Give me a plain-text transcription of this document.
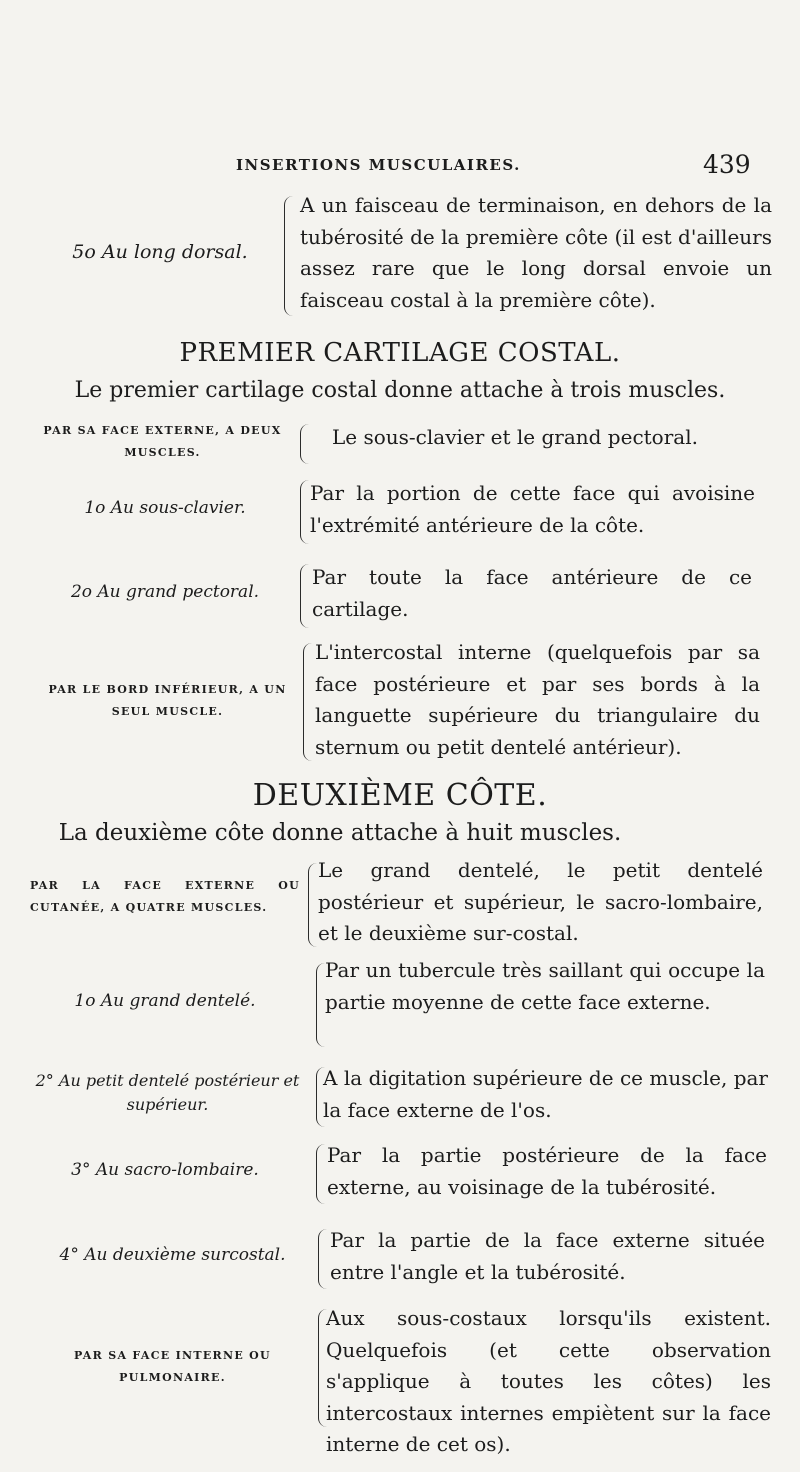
INSERTIONS MUSCULAIRES.	439
5o Au long dorsal.
A un faisceau de terminaison, en dehors de la tubérosité de la première côte (il est d'ailleurs assez rare que le long dorsal envoie un faisceau costal à la première côte).
PREMIER CARTILAGE COSTAL.
Le premier cartilage costal donne attache à trois muscles.
PAR SA FACE EXTERNE, A DEUX MUSCLES.
Le sous-clavier et le grand pectoral.
1o Au sous-clavier.
Par la portion de cette face qui avoisine l'extrémité antérieure de la côte.
2o Au grand pectoral.
Par toute la face antérieure de ce cartilage.
PAR LE BORD INFÉRIEUR, A UN SEUL MUSCLE.
L'intercostal interne (quelquefois par sa face postérieure et par ses bords à la languette supérieure du triangulaire du sternum ou petit dentelé antérieur).
DEUXIÈME CÔTE.
La deuxième côte donne attache à huit muscles.
PAR LA FACE EXTERNE OU CUTANÉE, A QUATRE MUSCLES.
Le grand dentelé, le petit dentelé postérieur et supérieur, le sacro-lombaire, et le deuxième sur-costal.
1o Au grand dentelé.
Par un tubercule très saillant qui occupe la partie moyenne de cette face externe.
2° Au petit dentelé postérieur et supérieur.
A la digitation supérieure de ce muscle, par la face externe de l'os.
3° Au sacro-lombaire.
Par la partie postérieure de la face externe, au voisinage de la tubérosité.
4° Au deuxième surcostal.
Par la partie de la face externe située entre l'angle et la tubérosité.
PAR SA FACE INTERNE OU PULMONAIRE.
Aux sous-costaux lorsqu'ils existent. Quelquefois (et cette observation s'applique à toutes les côtes) les intercostaux internes empiètent sur la face interne de cet os).
